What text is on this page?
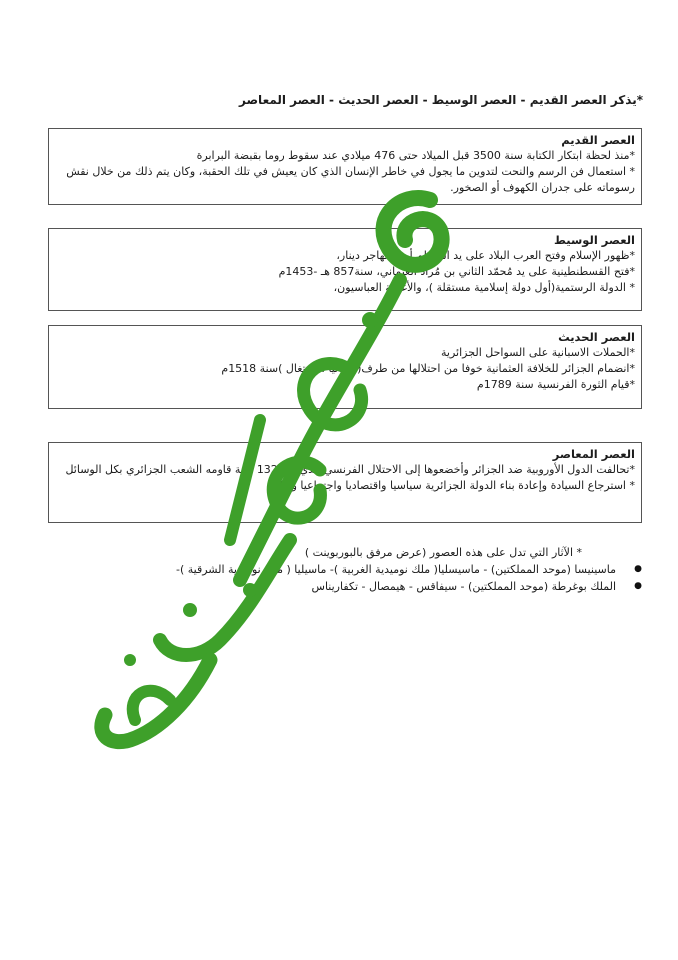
*يذكر العصر القديم - العصر الوسيط - العصر الحديث - العصر المعاصر
العصر القديم
*منذ لحظة ابتكار الكتابة سنة 3500 قبل الميلاد حتى 476 ميلادي عند سقوط روما بقبضة البرابرة
* استعمال فن الرسم والنحت لتدوين ما يجول في خاطر الإنسان الذي كان يعيش في تلك الحقبة، وكان يتم ذلك من خلال نقش رسوماته على جدران الكهوف أو الصخور.
العصر الوسيط
*ظهور الإسلام وفتح العرب البلاد على يد المسلم أبو المهاجر دينار،
*فتح القسطنطينية على يد مُحمّد الثاني بن مُراد العثماني، سنة857 هـ -1453م
* الدولة الرستمية(أول دولة إسلامية مستقلة )، والأغالبة العباسيون،
العصر الحديث
*الحملات الاسبانية على السواحل الجزائرية
*انضمام الجزائر للخلافة العثمانية خوفا من احتلالها من طرف(اسبانيا .البرتغال )سنة 1518م
*قيام الثورة الفرنسية سنة 1789م
العصر المعاصر
*تحالفت الدول الأوروبية ضد الجزائر وأخضعوها إلى الاحتلال الفرنسي الذي دام 132 سنة قاومه الشعب الجزائري بكل الوسائل
* استرجاع السيادة وإعادة بناء الدولة الجزائرية سياسيا واقتصاديا واجتماعيا وثقافيا
* الآثار التي تدل على هذه العصور (عرض مرفق بالبوربوينت )
● ماسينيسا (موحد المملكتين) - ماسيسليا( ملك نوميدية الغربية )- ماسيليا ( ملك نوميدية الشرقية )-
● الملك بوغرطة (موحد المملكتين) - سيفاقس - هيمصال - تكفاريناس
